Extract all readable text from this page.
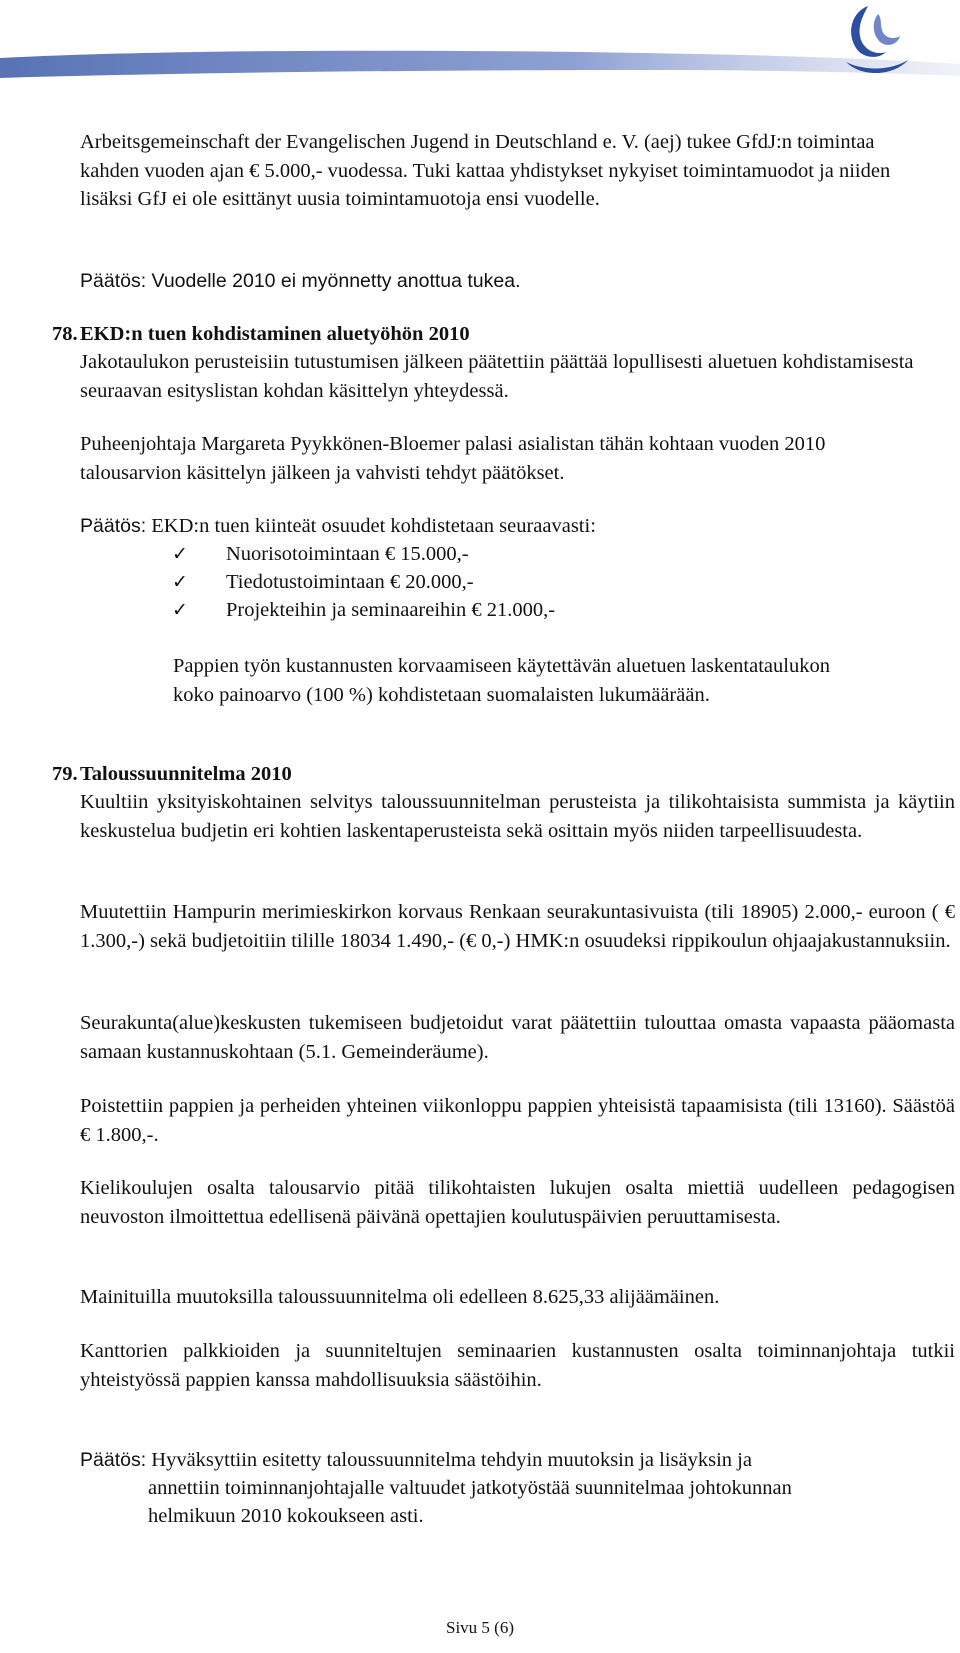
Arbeitsgemeinschaft der Evangelischen Jugend in Deutschland e. V. (aej) tukee GfdJ:n toimintaa kahden vuoden ajan € 5.000,- vuodessa. Tuki kattaa yhdistykset nykyiset toimintamuodot ja niiden lisäksi GfJ ei ole esittänyt uusia toimintamuotoja ensi vuodelle.
Päätös: Vuodelle 2010 ei myönnetty anottua tukea.
78. EKD:n tuen kohdistaminen aluetyöhön 2010
Jakotaulukon perusteisiin tutustumisen jälkeen päätettiin päättää lopullisesti aluetuen kohdistamisesta seuraavan esityslistan kohdan käsittelyn yhteydessä.
Puheenjohtaja Margareta Pyykkönen-Bloemer palasi asialistan tähän kohtaan vuoden 2010 talousarvion käsittelyn jälkeen ja vahvisti tehdyt päätökset.
Päätös: EKD:n tuen kiinteät osuudet kohdistetaan seuraavasti:
✓ Nuorisotoimintaan € 15.000,-
✓ Tiedotustoimintaan € 20.000,-
✓ Projekteihin ja seminaareihin € 21.000,-
Pappien työn kustannusten korvaamiseen käytettävän aluetuen laskentataulukon koko painoarvo (100 %) kohdistetaan suomalaisten lukumäärään.
79. Taloussuunnitelma 2010
Kuultiin yksityiskohtainen selvitys taloussuunnitelman perusteista ja tilikohtaisista summista ja käytiin keskustelua budjetin eri kohtien laskentaperusteista sekä osittain myös niiden tarpeellisuudesta.
Muutettiin Hampurin merimieskirkon korvaus Renkaan seurakuntasivuista (tili 18905) 2.000,- euroon ( € 1.300,-) sekä budjetoitiin tilille 18034 1.490,- (€ 0,-) HMK:n osuudeksi rippikoulun ohjaajakustannuksiin.
Seurakunta(alue)keskusten tukemiseen budjetoidut varat päätettiin tulouttaa omasta vapaasta pääomasta samaan kustannuskohtaan (5.1. Gemeinderäume).
Poistettiin pappien ja perheiden yhteinen viikonloppu pappien yhteisistä tapaamisista (tili 13160). Säästöä € 1.800,-.
Kielikoulujen osalta talousarvio pitää tilikohtaisten lukujen osalta miettiä uudelleen pedagogisen neuvoston ilmoittettua edellisenä päivänä opettajien koulutuspäivien peruuttamisesta.
Mainituilla muutoksilla taloussuunnitelma oli edelleen 8.625,33 alijäämäinen.
Kanttorien palkkioiden ja suunniteltujen seminaarien kustannusten osalta toiminnanjohtaja tutkii yhteistyössä pappien kanssa mahdollisuuksia säästöihin.
Päätös: Hyväksyttiin esitetty taloussuunnitelma tehdyin muutoksin ja lisäyksin ja
annettiin toiminnanjohtajalle valtuudet jatkotyöstää suunnitelmaa johtokunnan
helmikuun 2010 kokoukseen asti.
Sivu 5 (6)
